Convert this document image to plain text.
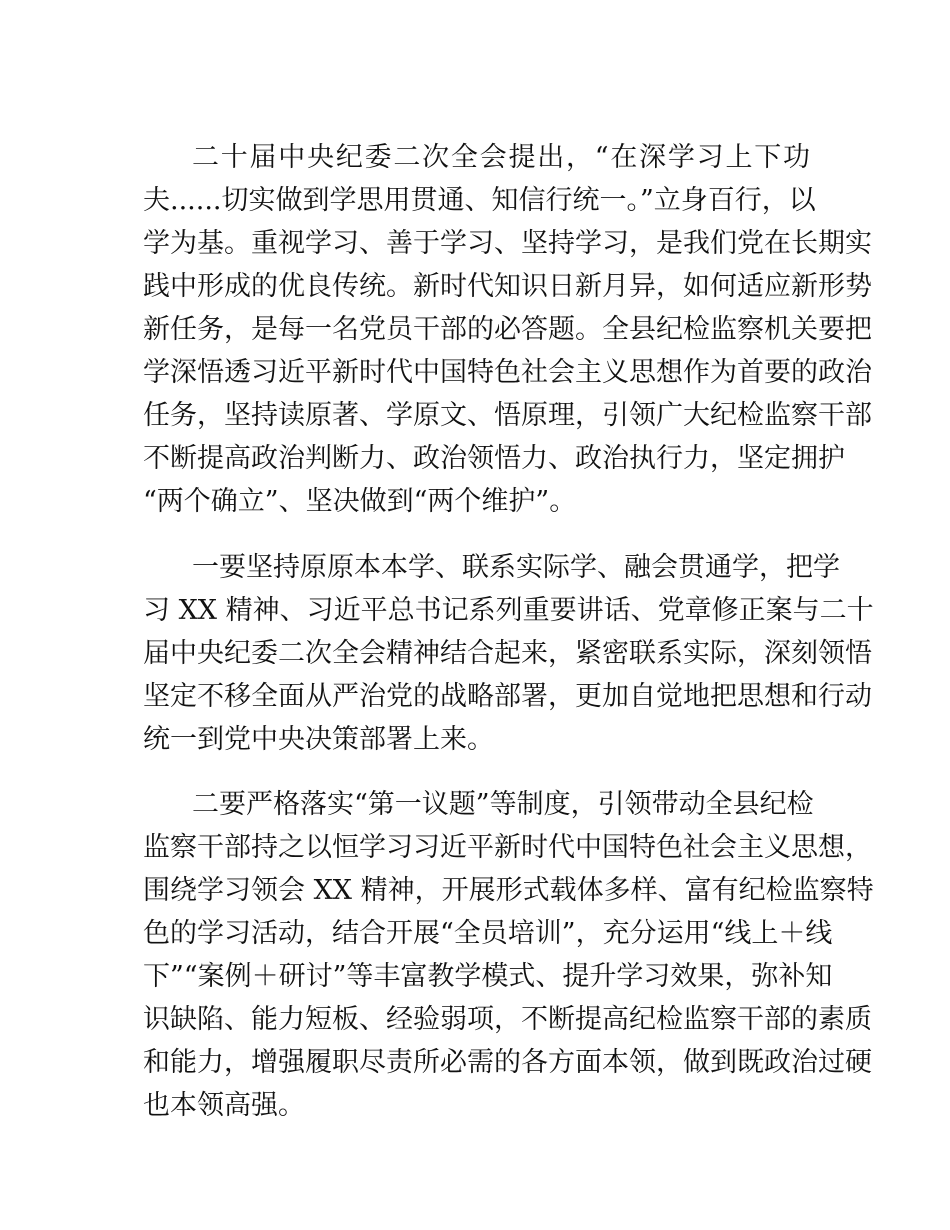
二十届中央纪委二次全会提出，“在深学习上下功

夫......切实做到学思用贯通、知信行统一。”立身百行，以

学为基。重视学习、善于学习、坚持学习，是我们党在长期实

践中形成的优良传统。新时代知识日新月异，如何适应新形势

新任务，是每一名党员干部的必答题。全县纪检监察机关要把

学深悟透习近平新时代中国特色社会主义思想作为首要的政治

任务，坚持读原著、学原文、悟原理，引领广大纪检监察干部

不断提高政治判断力、政治领悟力、政治执行力，坚定拥护

“两个确立”、坚决做到“两个维护”。

一要坚持原原本本学、联系实际学、融会贯通学，把学

习 XX 精神、习近平总书记系列重要讲话、党章修正案与二十

届中央纪委二次全会精神结合起来，紧密联系实际，深刻领悟

坚定不移全面从严治党的战略部署，更加自觉地把思想和行动

统一到党中央决策部署上来。

二要严格落实“第一议题”等制度，引领带动全县纪检

监察干部持之以恒学习习近平新时代中国特色社会主义思想，

围绕学习领会 XX 精神，开展形式载体多样、富有纪检监察特

色的学习活动，结合开展“全员培训”，充分运用“线上＋线

下”“案例＋研讨”等丰富教学模式、提升学习效果，弥补知

识缺陷、能力短板、经验弱项，不断提高纪检监察干部的素质

和能力，增强履职尽责所必需的各方面本领，做到既政治过硬

也本领高强。
